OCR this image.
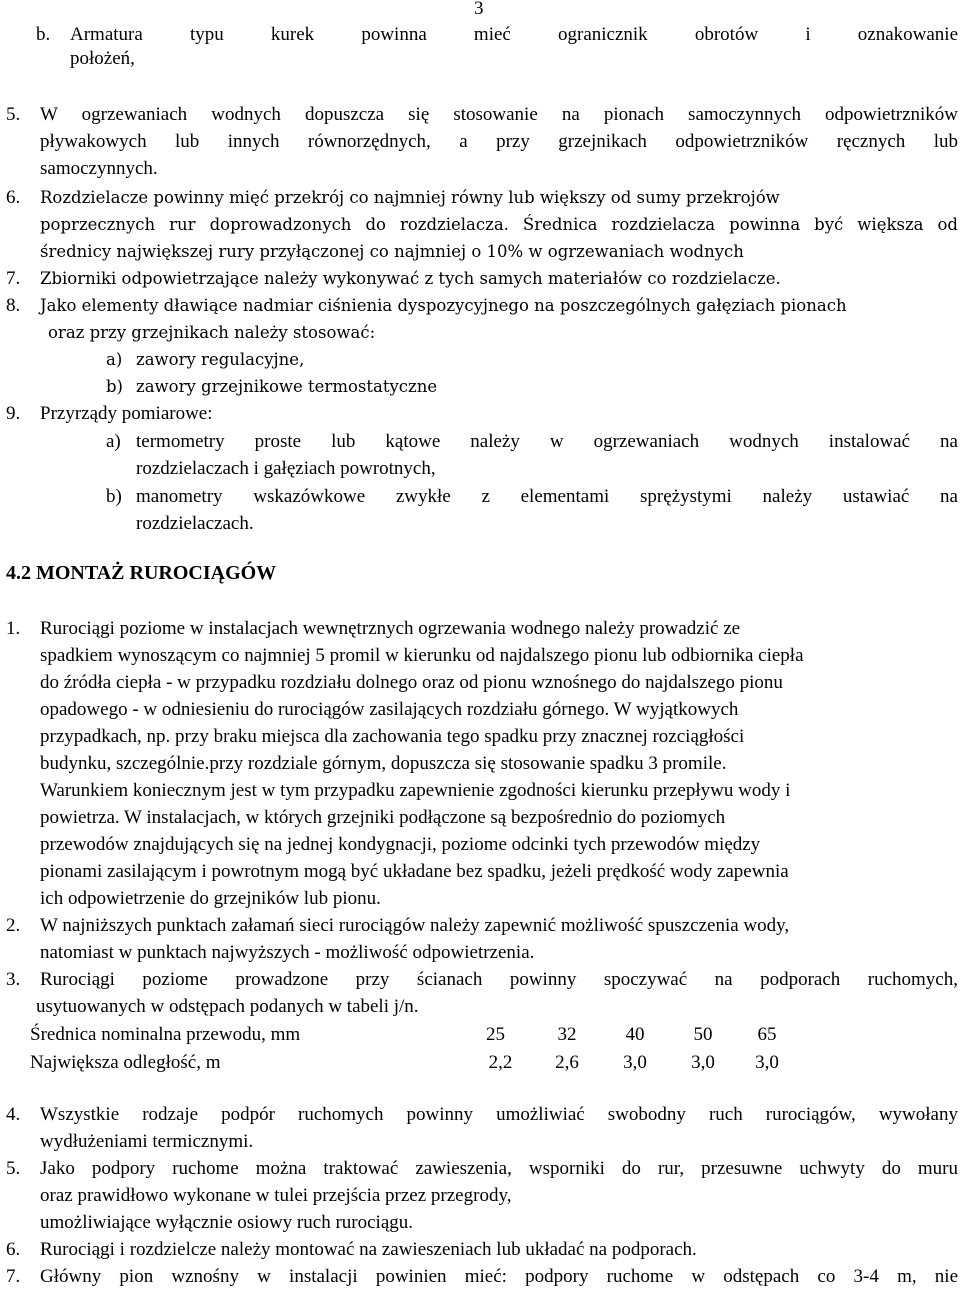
3
b. Armatura typu kurek powinna mieć ogranicznik obrotów i oznakowanie
położeń,
5. W ogrzewaniach wodnych dopuszcza się stosowanie na pionach samoczynnych odpowietrzników
pływakowych lub innych równorzędnych, a przy grzejnikach odpowietrzników ręcznych lub
samoczynnych.
6. Rozdzielacze powinny mięć przekrój co najmniej równy lub większy od sumy przekrojów
poprzecznych rur doprowadzonych do rozdzielacza. Średnica rozdzielacza powinna być większa od
średnicy największej rury przyłączonej co najmniej o 10% w ogrzewaniach wodnych
7. Zbiorniki odpowietrzające należy wykonywać z tych samych materiałów co rozdzielacze.
8. Jako elementy dławiące nadmiar ciśnienia dyspozycyjnego na poszczególnych gałęziach pionach
oraz przy grzejnikach należy stosować:
a) zawory regulacyjne,
b) zawory grzejnikowe termostatyczne
9. Przyrządy pomiarowe:
a) termometry proste lub kątowe należy w ogrzewaniach wodnych instalować na
rozdzielaczach i gałęziach powrotnych,
b) manometry wskazówkowe zwykłe z elementami sprężystymi należy ustawiać na
rozdzielaczach.
4.2 MONTAŻ RUROCIĄGÓW
1. Rurociągi poziome w instalacjach wewnętrznych ogrzewania wodnego należy prowadzić ze
spadkiem wynoszącym co najmniej 5 promil w kierunku od najdalszego pionu lub odbiornika ciepła
do źródła ciepła - w przypadku rozdziału dolnego oraz od pionu wznośnego do najdalszego pionu
opadowego - w odniesieniu do rurociągów zasilających rozdziału górnego. W wyjątkowych
przypadkach, np. przy braku miejsca dla zachowania tego spadku przy znacznej rozciągłości
budynku, szczególnie.przy rozdziale górnym, dopuszcza się stosowanie spadku 3 promile.
Warunkiem koniecznym jest w tym przypadku zapewnienie zgodności kierunku przepływu wody i
powietrza. W instalacjach, w których grzejniki podłączone są bezpośrednio do poziomych
przewodów znajdujących się na jednej kondygnacji, poziome odcinki tych przewodów między
pionami zasilającym i powrotnym mogą być układane bez spadku, jeżeli prędkość wody zapewnia
ich odpowietrzenie do grzejników lub pionu.
2. W najniższych punktach załamań sieci rurociągów należy zapewnić możliwość spuszczenia wody,
natomiast w punktach najwyższych - możliwość odpowietrzenia.
3. Rurociągi poziome prowadzone przy ścianach powinny spoczywać na podporach ruchomych,
usytuowanych w odstępach podanych w tabeli j/n.
Średnica nominalna przewodu, mm	25	32	40	50	65
Największa odległość, m	2,2	2,6	3,0	3,0	3,0
4. Wszystkie rodzaje podpór ruchomych powinny umożliwiać swobodny ruch rurociągów, wywołany
wydłużeniami termicznymi.
5. Jako podpory ruchome można traktować zawieszenia, wsporniki do rur, przesuwne uchwyty do muru
oraz prawidłowo wykonane w tulei przejścia przez przegrody,
umożliwiające wyłącznie osiowy ruch rurociągu.
6. Rurociągi i rozdzielcze należy montować na zawieszeniach lub układać na podporach.
7. Główny pion wznośny w instalacji powinien mieć: podpory ruchome w odstępach co 3-4 m, nie
